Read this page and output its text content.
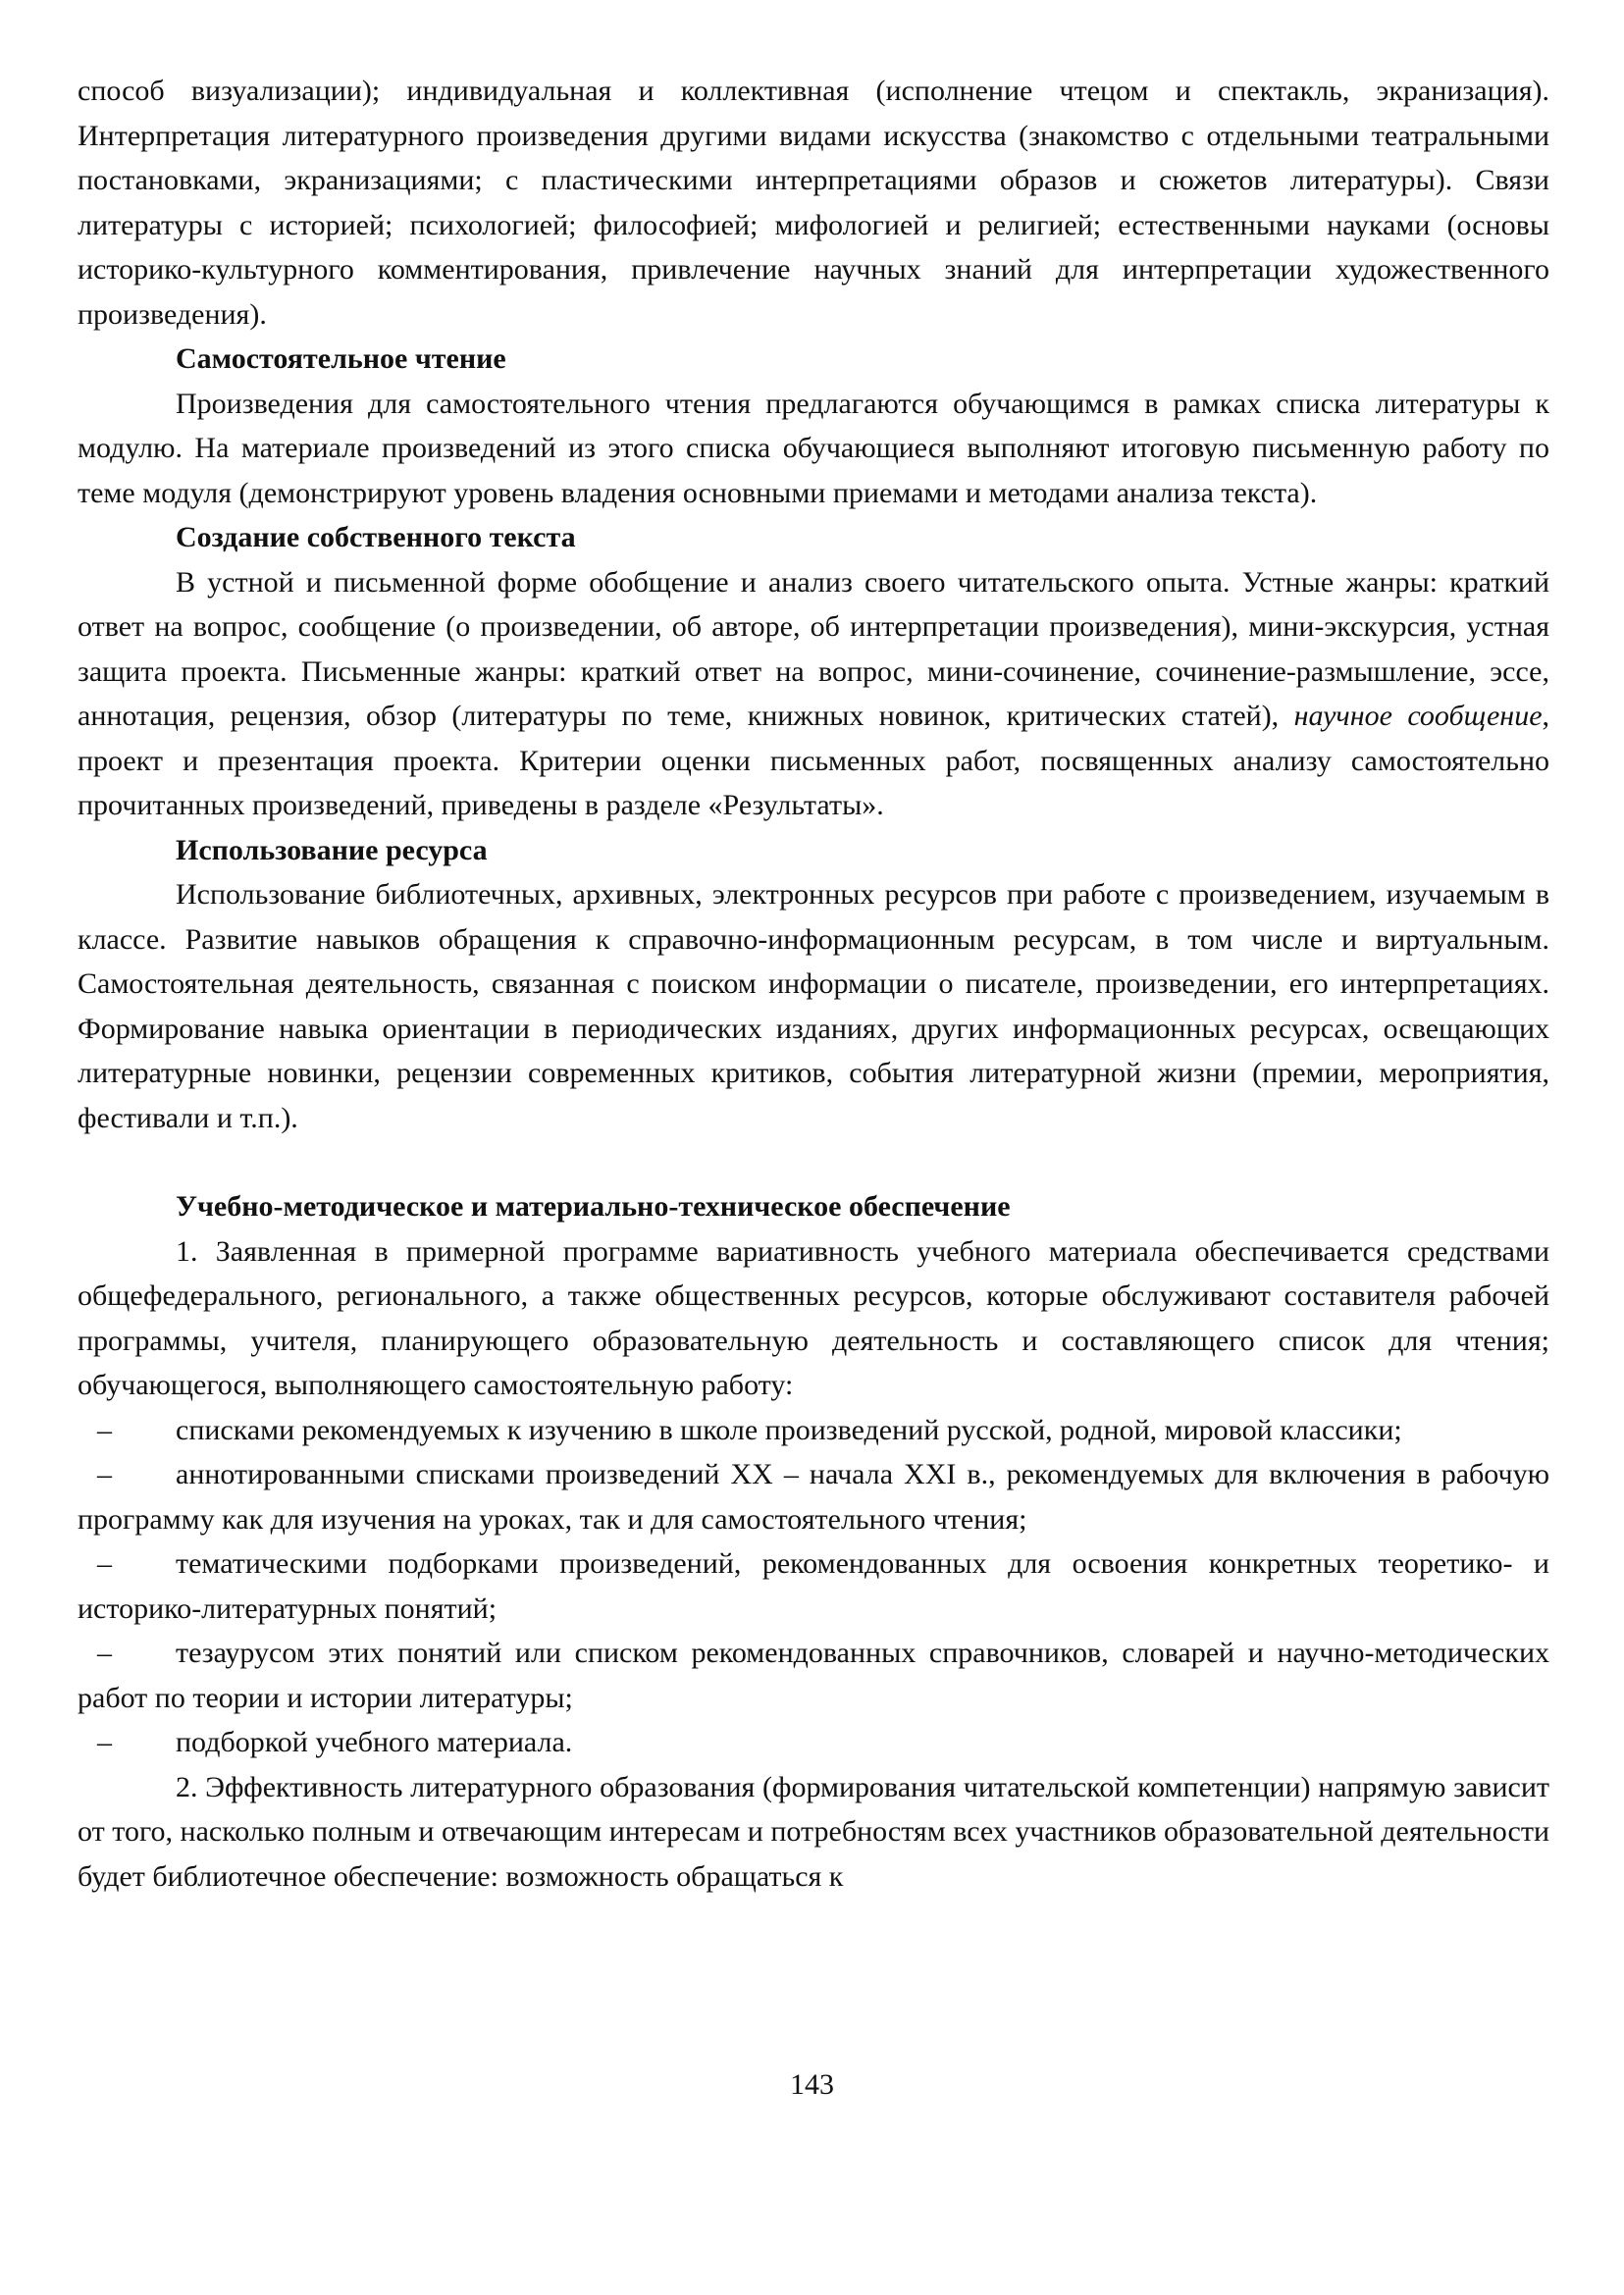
способ визуализации); индивидуальная и коллективная (исполнение чтецом и спектакль, экранизация). Интерпретация литературного произведения другими видами искусства (знакомство с отдельными театральными постановками, экранизациями; с пластическими интерпретациями образов и сюжетов литературы). Связи литературы с историей; психологией; философией; мифологией и религией; естественными науками (основы историко-культурного комментирования, привлечение научных знаний для интерпретации художественного произведения).

Самостоятельное чтение

Произведения для самостоятельного чтения предлагаются обучающимся в рамках списка литературы к модулю. На материале произведений из этого списка обучающиеся выполняют итоговую письменную работу по теме модуля (демонстрируют уровень владения основными приемами и методами анализа текста).

Создание собственного текста

В устной и письменной форме обобщение и анализ своего читательского опыта. Устные жанры: краткий ответ на вопрос, сообщение (о произведении, об авторе, об интерпретации произведения), мини-экскурсия, устная защита проекта. Письменные жанры: краткий ответ на вопрос, мини-сочинение, сочинение-размышление, эссе, аннотация, рецензия, обзор (литературы по теме, книжных новинок, критических статей), научное сообщение, проект и презентация проекта. Критерии оценки письменных работ, посвященных анализу самостоятельно прочитанных произведений, приведены в разделе «Результаты».

Использование ресурса

Использование библиотечных, архивных, электронных ресурсов при работе с произведением, изучаемым в классе. Развитие навыков обращения к справочно-информационным ресурсам, в том числе и виртуальным. Самостоятельная деятельность, связанная с поиском информации о писателе, произведении, его интерпретациях. Формирование навыка ориентации в периодических изданиях, других информационных ресурсах, освещающих литературные новинки, рецензии современных критиков, события литературной жизни (премии, мероприятия, фестивали и т.п.).

Учебно-методическое и материально-техническое обеспечение

1. Заявленная в примерной программе вариативность учебного материала обеспечивается средствами общефедерального, регионального, а также общественных ресурсов, которые обслуживают составителя рабочей программы, учителя, планирующего образовательную деятельность и составляющего список для чтения; обучающегося, выполняющего самостоятельную работу:

– списками рекомендуемых к изучению в школе произведений русской, родной, мировой классики;

– аннотированными списками произведений XX – начала XXI в., рекомендуемых для включения в рабочую программу как для изучения на уроках, так и для самостоятельного чтения;

– тематическими подборками произведений, рекомендованных для освоения конкретных теоретико- и историко-литературных понятий;

– тезаурусом этих понятий или списком рекомендованных справочников, словарей и научно-методических работ по теории и истории литературы;

– подборкой учебного материала.

2. Эффективность литературного образования (формирования читательской компетенции) напрямую зависит от того, насколько полным и отвечающим интересам и потребностям всех участников образовательной деятельности будет библиотечное обеспечение: возможность обращаться к

143
